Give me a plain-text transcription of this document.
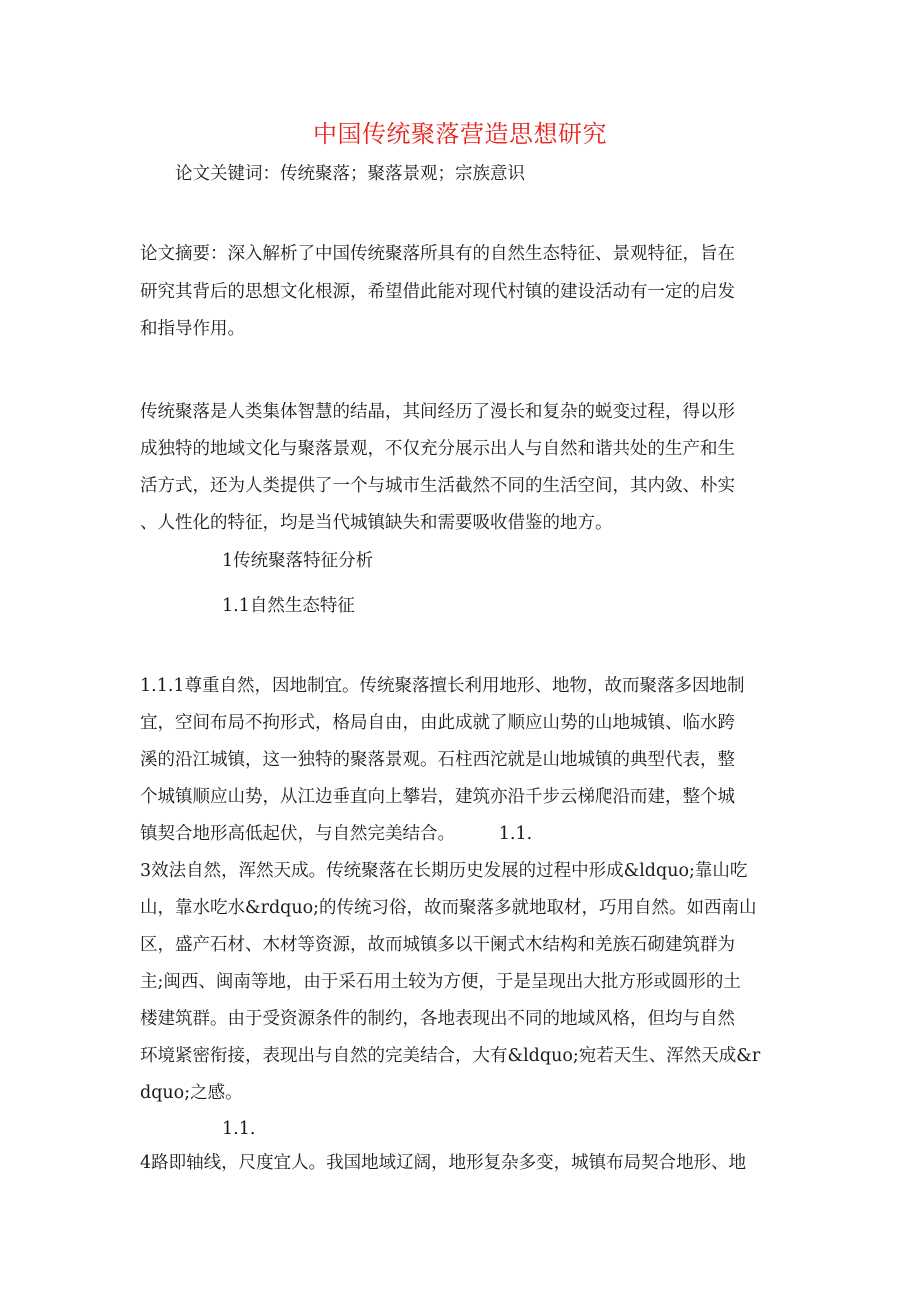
中国传统聚落营造思想研究
论文关键词：传统聚落；聚落景观；宗族意识
论文摘要：深入解析了中国传统聚落所具有的自然生态特征、景观特征，旨在
研究其背后的思想文化根源，希望借此能对现代村镇的建设活动有一定的启发
和指导作用。
传统聚落是人类集体智慧的结晶，其间经历了漫长和复杂的蜕变过程，得以形
成独特的地域文化与聚落景观，不仅充分展示出人与自然和谐共处的生产和生
活方式，还为人类提供了一个与城市生活截然不同的生活空间，其内敛、朴实
、人性化的特征，均是当代城镇缺失和需要吸收借鉴的地方。
1传统聚落特征分析
1.1自然生态特征
1.1.1尊重自然，因地制宜。传统聚落擅长利用地形、地物，故而聚落多因地制
宜，空间布局不拘形式，格局自由，由此成就了顺应山势的山地城镇、临水跨
溪的沿江城镇，这一独特的聚落景观。石柱西沱就是山地城镇的典型代表，整
个城镇顺应山势，从江边垂直向上攀岩，建筑亦沿千步云梯爬沿而建，整个城
镇契合地形高低起伏，与自然完美结合。　　　1.1.
3效法自然，浑然天成。传统聚落在长期历史发展的过程中形成&ldquo;靠山吃
山，靠水吃水&rdquo;的传统习俗，故而聚落多就地取材，巧用自然。如西南山
区，盛产石材、木材等资源，故而城镇多以干阑式木结构和羌族石砌建筑群为
主;闽西、闽南等地，由于采石用土较为方便，于是呈现出大批方形或圆形的土
楼建筑群。由于受资源条件的制约，各地表现出不同的地域风格，但均与自然
环境紧密衔接，表现出与自然的完美结合，大有&ldquo;宛若天生、浑然天成&r
dquo;之感。
1.1.
4路即轴线，尺度宜人。我国地域辽阔，地形复杂多变，城镇布局契合地形、地
